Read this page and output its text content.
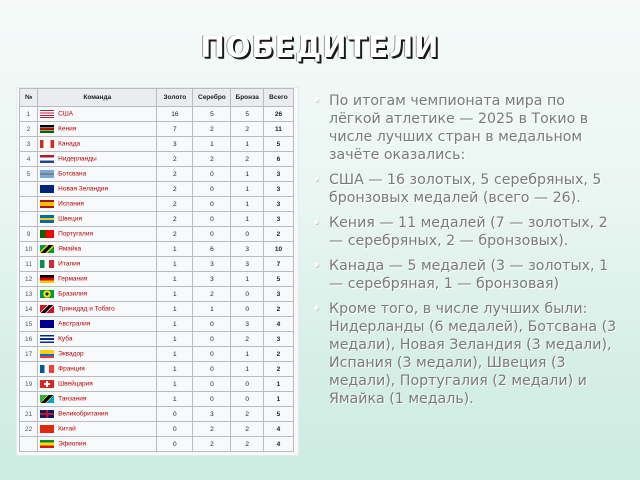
ПОБЕДИТЕЛИ
№	Команда	Золото	Серебро	Бронза	Всего
1	США	16	5	5	26
2	Кения	7	2	2	11
3	Канада	3	1	1	5
4	Нидерланды	2	2	2	6
5	Ботсвана	2	0	1	3
	Новая Зеландия	2	0	1	3
	Испания	2	0	1	3
	Швеция	2	0	1	3
9	Португалия	2	0	0	2
10	Ямайка	1	6	3	10
11	Италия	1	3	3	7
12	Германия	1	3	1	5
13	Бразилия	1	2	0	3
14	Тринидад и Тобаго	1	1	0	2
15	Австралия	1	0	3	4
16	Куба	1	0	2	3
17	Эквадор	1	0	1	2
	Франция	1	0	1	2
19	Швейцария	1	0	0	1
	Танзания	1	0	0	1
21	Великобритания	0	3	2	5
22	Китай	0	2	2	4
	Эфиопия	0	2	2	4
• По итогам чемпионата мира по лёгкой атлетике — 2025 в Токио в числе лучших стран в медальном зачёте оказались:
• США — 16 золотых, 5 серебряных, 5 бронзовых медалей (всего — 26).
• Кения — 11 медалей (7 — золотых, 2 — серебряных, 2 — бронзовых).
• Канада — 5 медалей (3 — золотых, 1 — серебряная, 1 — бронзовая)
• Кроме того, в числе лучших были: Нидерланды (6 медалей), Ботсвана (3 медали), Новая Зеландия (3 медали), Испания (3 медали), Швеция (3 медали), Португалия (2 медали) и Ямайка (1 медаль).
